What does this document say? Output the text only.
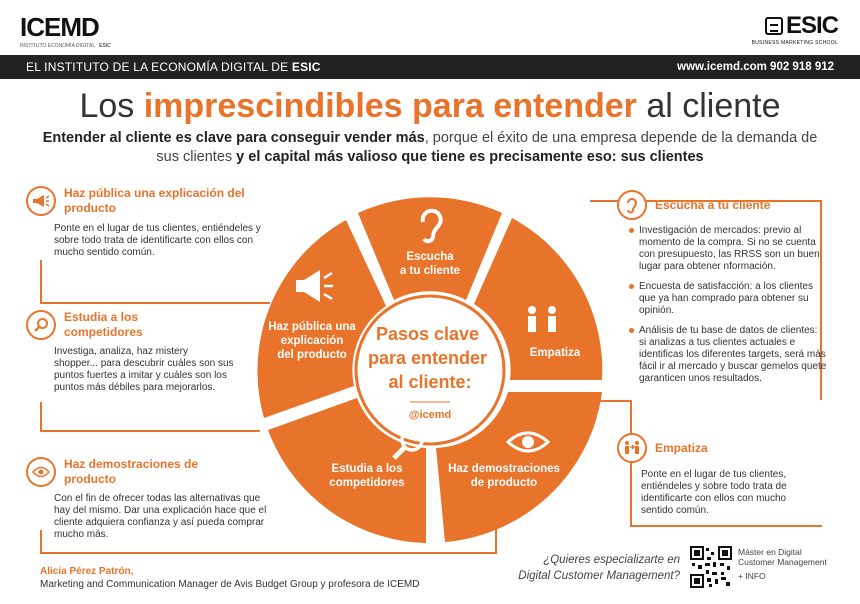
ICEMD
INSTITUTO ECONOMÍA DIGITAL ESIC
ESIC
BUSINESS MARKETING SCHOOL
EL INSTITUTO DE LA ECONOMÍA DIGITAL DE ESIC	www.icemd.com 902 918 912
Los imprescindibles para entender al cliente
Entender al cliente es clave para conseguir vender más, porque el éxito de una empresa depende de la demanda de sus clientes y el capital más valioso que tiene es precisamente eso: sus clientes
Haz pública una explicación del producto

Ponte en el lugar de tus clientes, entiéndeles y sobre todo trata de identificarte con ellos con mucho sentido común.

Estudia a los competidores

Investiga, analiza, haz mistery shopper... para descubrir cuáles son sus puntos fuertes a imitar y cuáles son los puntos más débiles para mejorarlos.

Haz demostraciones de producto

Con el fin de ofrecer todas las alternativas que hay del mismo. Dar una explicación hace que el cliente adquiera confianza y así pueda comprar mucho más.

Escucha a tu cliente
Investigación de mercados: previo al momento de la compra. Si no se cuenta con presupuesto, las RRSS son un buen lugar para obtener nformación.
Encuesta de satisfacción: a los clientes que ya han comprado para obtener su opinión.
Análisis de tu base de datos de clientes: si analizas a tus clientes actuales e identificas los diferentes targets, será más fácil ir al mercado y buscar gemelos quete garanticen unos resultados.
Empatiza

Ponte en el lugar de tus clientes, entiéndeles y sobre todo trata de identificarte con ellos con mucho sentido común.

Escucha a tu cliente
Empatiza
Haz demostraciones de producto
Estudia a los competidores
Haz pública una explicación del producto
Pasos clave para entender al cliente:
@icemd
Alicia Pérez Patrón,
Marketing and Communication Manager de Avis Budget Group y profesora de ICEMD
¿Quieres especializarte en
Digital Customer Management?
Máster en Digital
Customer Management
+ INFO
